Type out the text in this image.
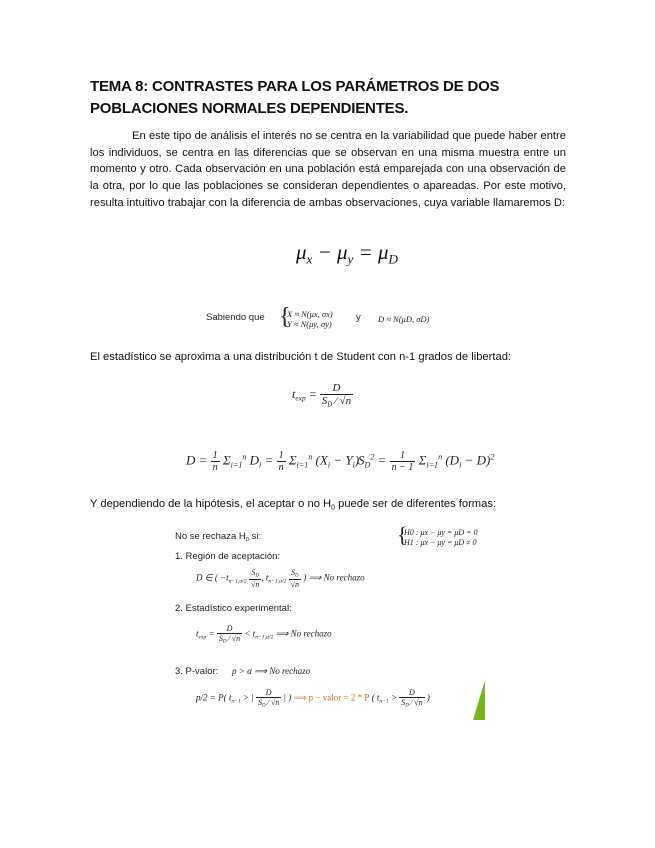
TEMA 8: CONTRASTES PARA LOS PARÁMETROS DE DOS
POBLACIONES NORMALES DEPENDIENTES.

En este tipo de análisis el interés no se centra en la variabilidad que puede haber entre los individuos, se centra en las diferencias que se observan en una misma muestra entre un momento y otro. Cada observación en una población está emparejada con una observación de la otra, por lo que las poblaciones se consideran dependientes o apareadas. Por este motivo, resulta intuitivo trabajar con la diferencia de ambas observaciones, cuya variable llamaremos D:

$\mu_x - \mu_y = \mu_D$
Sabiendo que {
X ≈ N(μx, σx)
Y ≈ N(μy, σy)
y D ≈ N(μD, σD)

El estadístico se aproxima a una distribución t de Student con n-1 grados de libertad:

$t_{exp} = \frac{D}{S_D ⁄ √n}$
$D = \frac{1}{n} \Sigma_{i=1}^n$ $D_i = \frac{1}{n} \Sigma_{i=1}^n$ $(X_i - Y_i)$
$S_D^2 = \frac{1}{n - 1} \Sigma_{i=1}^n$ $(D_i - D)^2$

Y dependiendo de la hipótesis, el aceptar o no $H_0$ puede ser de diferentes formas:

{
H0 : μx − μy = μD = 0
H1 : μx − μy = μD ≠ 0
No se rechaza $H_0$ si:
1. Región de aceptación:
D ∈ ( $-t_{n-1,\alpha/2} \frac{S_D}{√n}$ , $t_{n-1,\alpha/2} \frac{S_D}{√n}$ ) ⟹ No rechazo
2. Estadístico experimental:
$t_{exp} = \frac{D}{S_D ⁄ √n} < t_{n-1,\alpha/2}$ ⟹ No rechazo
3. P-valor: p > α ⟹ No rechazo
p/2 = P( $t_{n-1}$ > | $\frac{D}{S_D ⁄ √n}$ | ) ⟹ p − valor = 2 * P ( $t_{n-1} > \frac{D}{S_D ⁄ √n}$ )
